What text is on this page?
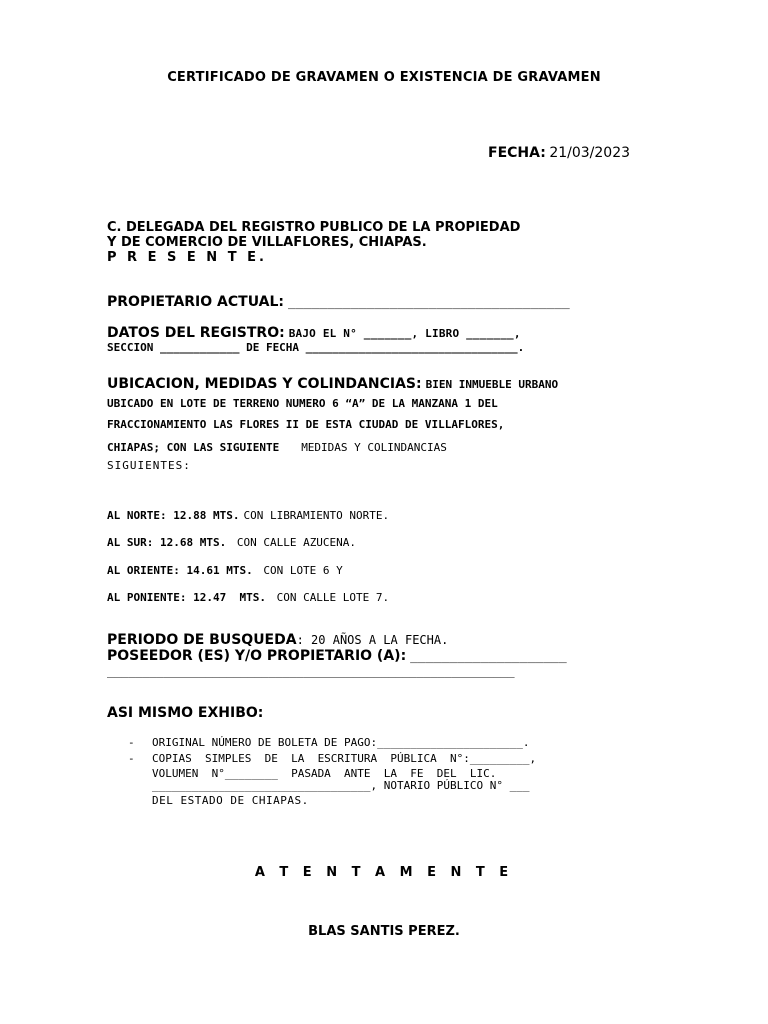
CERTIFICADO DE GRAVAMEN O EXISTENCIA DE GRAVAMEN
FECHA: 21/03/2023
C. DELEGADA DEL REGISTRO PUBLICO DE LA PROPIEDAD
Y DE COMERCIO DE VILLAFLORES, CHIAPAS.
P R E S E N T E.
PROPIETARIO ACTUAL: ____________________________________
DATOS DEL REGISTRO: BAJO EL N° _______, LIBRO _______,
SECCION ____________ DE FECHA ________________________________.
UBICACION, MEDIDAS Y COLINDANCIAS: BIEN INMUEBLE URBANO
UBICADO EN LOTE DE TERRENO NUMERO 6 “A” DE LA MANZANA 1 DEL
FRACCIONAMIENTO LAS FLORES II DE ESTA CIUDAD DE VILLAFLORES,
CHIAPAS; CON LAS SIGUIENTE MEDIDAS Y COLINDANCIAS
SIGUIENTES:
AL NORTE: 12.88 MTS. CON LIBRAMIENTO NORTE.
AL SUR: 12.68 MTS.  CON CALLE AZUCENA.
AL ORIENTE: 14.61 MTS.  CON LOTE 6 Y
AL PONIENTE: 12.47  MTS.  CON CALLE LOTE 7.
PERIODO DE BUSQUEDA: 20 AÑOS A LA FECHA.
POSEEDOR (ES) Y/O PROPIETARIO (A): ____________________
__________________________________________________________
ASI MISMO EXHIBO:
- ORIGINAL NÚMERO DE BOLETA DE PAGO:______________________.
- COPIAS  SIMPLES  DE  LA  ESCRITURA  PÚBLICA  N°:_________,
VOLUMEN  N°________  PASADA  ANTE  LA  FE  DEL  LIC.
_________________________________, NOTARIO PÚBLICO N° ___
DEL ESTADO DE CHIAPAS.
A T E N T A M E N T E
BLAS SANTIS PEREZ.
